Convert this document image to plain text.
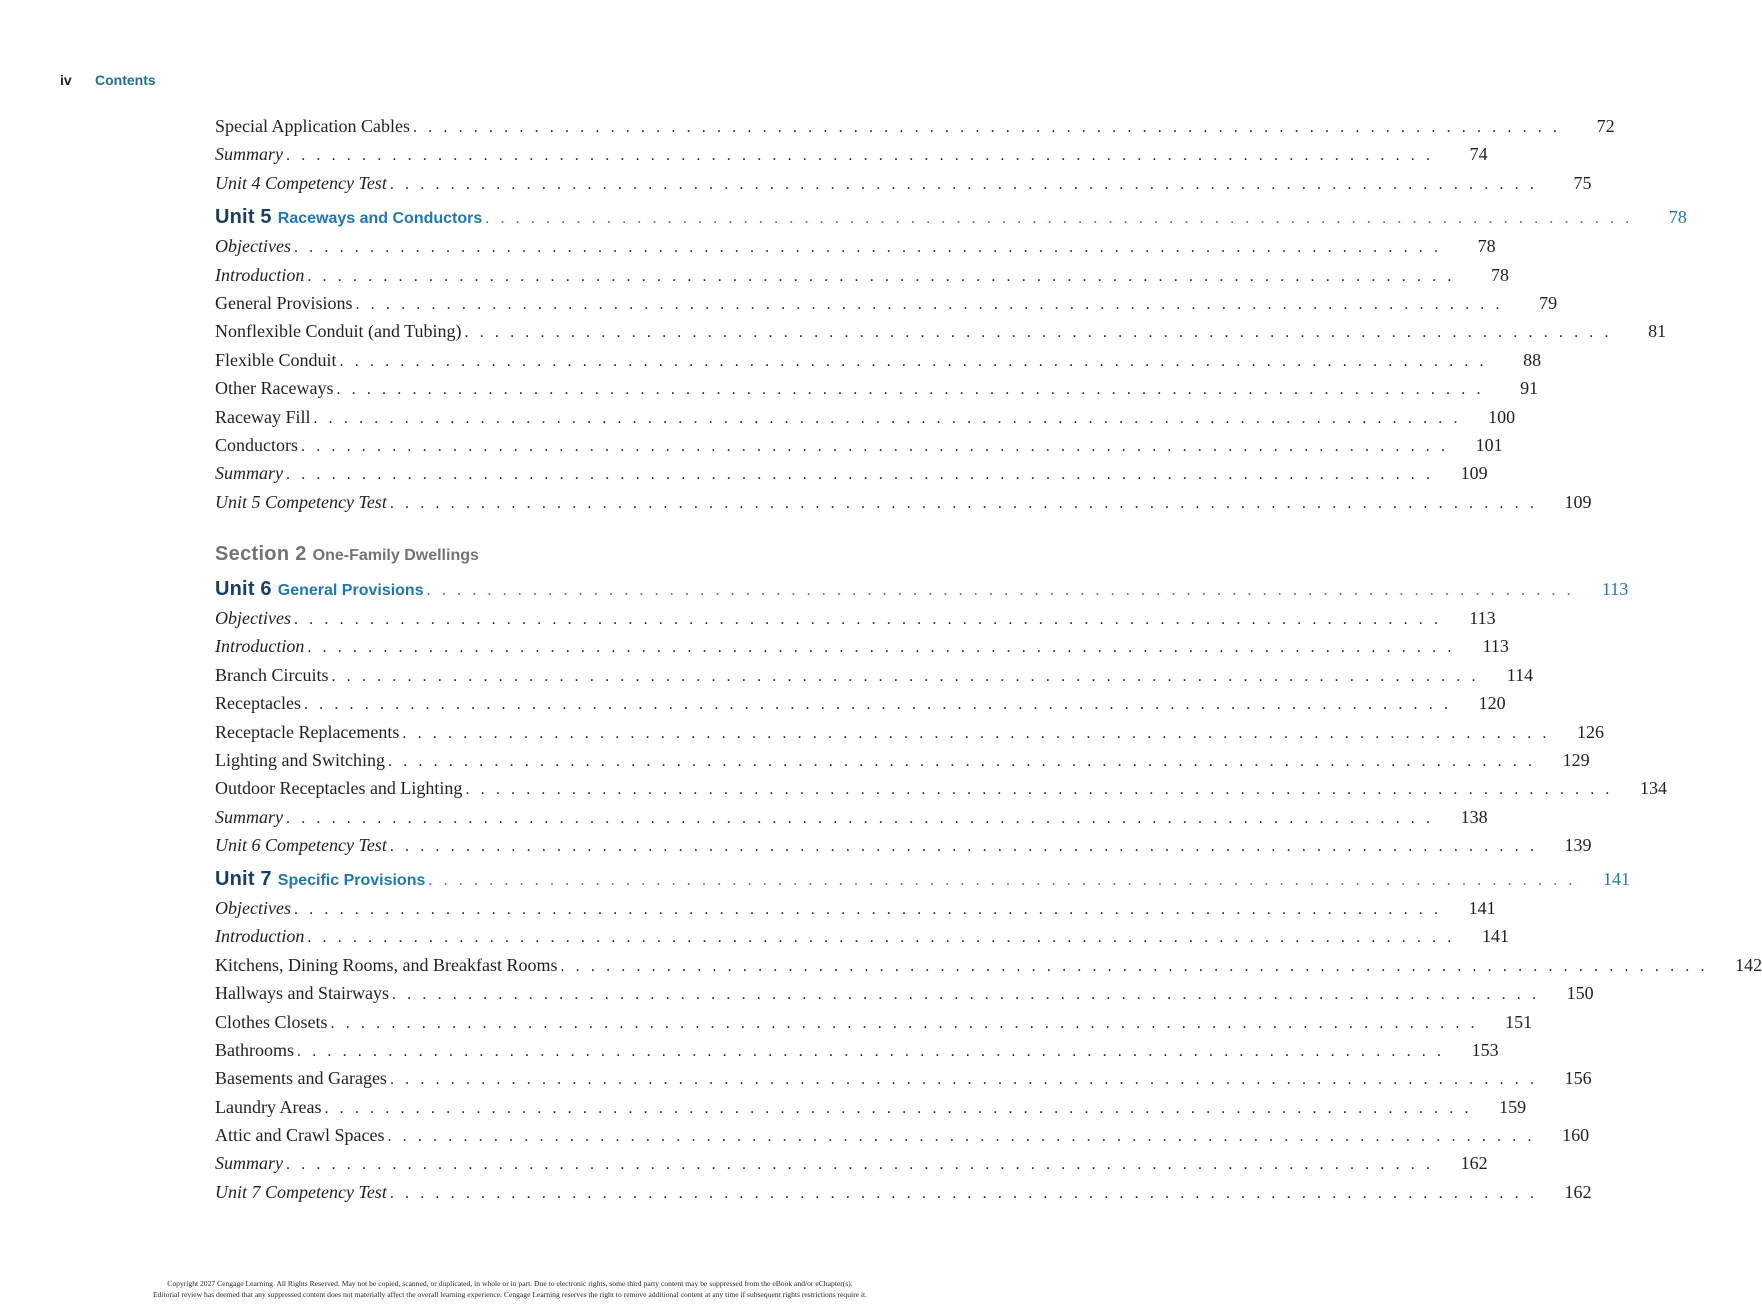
iv Contents
Special Application Cables . . . . . . . . . . . . . . . . . . . . . . . . . . . . . . . . . . . . . . . . . . . . . . . . . . . . . . . . . . . . . . . . . . . . . . . . . . . .	72
Summary . . . . . . . . . . . . . . . . . . . . . . . . . . . . . . . . . . . . . . . . . . . . . . . . . . . . . . . . . . . . . . . . . . . . . . . . . . . .	74
Unit 4 Competency Test . . . . . . . . . . . . . . . . . . . . . . . . . . . . . . . . . . . . . . . . . . . . . . . . . . . . . . . . . . . . . . . . . . . . . . . . . . . .	75
Unit 5 Raceways and Conductors . . . . . . . . . . . . . . . . . . . . . . . . . . . . . . . . . . . . . . . . . . . . . . . . . . . . . . . . . . . . . . . . . . . . . . . . . . . .	78
Objectives . . . . . . . . . . . . . . . . . . . . . . . . . . . . . . . . . . . . . . . . . . . . . . . . . . . . . . . . . . . . . . . . . . . . . . . . . . . .	78
Introduction . . . . . . . . . . . . . . . . . . . . . . . . . . . . . . . . . . . . . . . . . . . . . . . . . . . . . . . . . . . . . . . . . . . . . . . . . . . .	78
General Provisions . . . . . . . . . . . . . . . . . . . . . . . . . . . . . . . . . . . . . . . . . . . . . . . . . . . . . . . . . . . . . . . . . . . . . . . . . . . .	79
Nonflexible Conduit (and Tubing) . . . . . . . . . . . . . . . . . . . . . . . . . . . . . . . . . . . . . . . . . . . . . . . . . . . . . . . . . . . . . . . . . . . . . . . . . . . .	81
Flexible Conduit . . . . . . . . . . . . . . . . . . . . . . . . . . . . . . . . . . . . . . . . . . . . . . . . . . . . . . . . . . . . . . . . . . . . . . . . . . . .	88
Other Raceways . . . . . . . . . . . . . . . . . . . . . . . . . . . . . . . . . . . . . . . . . . . . . . . . . . . . . . . . . . . . . . . . . . . . . . . . . . . .	91
Raceway Fill . . . . . . . . . . . . . . . . . . . . . . . . . . . . . . . . . . . . . . . . . . . . . . . . . . . . . . . . . . . . . . . . . . . . . . . . . . . .	100
Conductors . . . . . . . . . . . . . . . . . . . . . . . . . . . . . . . . . . . . . . . . . . . . . . . . . . . . . . . . . . . . . . . . . . . . . . . . . . . .	101
Summary . . . . . . . . . . . . . . . . . . . . . . . . . . . . . . . . . . . . . . . . . . . . . . . . . . . . . . . . . . . . . . . . . . . . . . . . . . . .	109
Unit 5 Competency Test . . . . . . . . . . . . . . . . . . . . . . . . . . . . . . . . . . . . . . . . . . . . . . . . . . . . . . . . . . . . . . . . . . . . . . . . . . . .	109
Section 2 One-Family Dwellings
Unit 6 General Provisions . . . . . . . . . . . . . . . . . . . . . . . . . . . . . . . . . . . . . . . . . . . . . . . . . . . . . . . . . . . . . . . . . . . . . . . . . . . .	113
Objectives . . . . . . . . . . . . . . . . . . . . . . . . . . . . . . . . . . . . . . . . . . . . . . . . . . . . . . . . . . . . . . . . . . . . . . . . . . . .	113
Introduction . . . . . . . . . . . . . . . . . . . . . . . . . . . . . . . . . . . . . . . . . . . . . . . . . . . . . . . . . . . . . . . . . . . . . . . . . . . .	113
Branch Circuits . . . . . . . . . . . . . . . . . . . . . . . . . . . . . . . . . . . . . . . . . . . . . . . . . . . . . . . . . . . . . . . . . . . . . . . . . . . .	114
Receptacles . . . . . . . . . . . . . . . . . . . . . . . . . . . . . . . . . . . . . . . . . . . . . . . . . . . . . . . . . . . . . . . . . . . . . . . . . . . .	120
Receptacle Replacements . . . . . . . . . . . . . . . . . . . . . . . . . . . . . . . . . . . . . . . . . . . . . . . . . . . . . . . . . . . . . . . . . . . . . . . . . . . .	126
Lighting and Switching . . . . . . . . . . . . . . . . . . . . . . . . . . . . . . . . . . . . . . . . . . . . . . . . . . . . . . . . . . . . . . . . . . . . . . . . . . . .	129
Outdoor Receptacles and Lighting . . . . . . . . . . . . . . . . . . . . . . . . . . . . . . . . . . . . . . . . . . . . . . . . . . . . . . . . . . . . . . . . . . . . . . . . . . . .	134
Summary . . . . . . . . . . . . . . . . . . . . . . . . . . . . . . . . . . . . . . . . . . . . . . . . . . . . . . . . . . . . . . . . . . . . . . . . . . . .	138
Unit 6 Competency Test . . . . . . . . . . . . . . . . . . . . . . . . . . . . . . . . . . . . . . . . . . . . . . . . . . . . . . . . . . . . . . . . . . . . . . . . . . . .	139
Unit 7 Specific Provisions . . . . . . . . . . . . . . . . . . . . . . . . . . . . . . . . . . . . . . . . . . . . . . . . . . . . . . . . . . . . . . . . . . . . . . . . . . . .	141
Objectives . . . . . . . . . . . . . . . . . . . . . . . . . . . . . . . . . . . . . . . . . . . . . . . . . . . . . . . . . . . . . . . . . . . . . . . . . . . .	141
Introduction . . . . . . . . . . . . . . . . . . . . . . . . . . . . . . . . . . . . . . . . . . . . . . . . . . . . . . . . . . . . . . . . . . . . . . . . . . . .	141
Kitchens, Dining Rooms, and Breakfast Rooms . . . . . . . . . . . . . . . . . . . . . . . . . . . . . . . . . . . . . . . . . . . . . . . . . . . . . . . . . . . . . . . . . . . . . . . . . . . .	142
Hallways and Stairways . . . . . . . . . . . . . . . . . . . . . . . . . . . . . . . . . . . . . . . . . . . . . . . . . . . . . . . . . . . . . . . . . . . . . . . . . . . .	150
Clothes Closets . . . . . . . . . . . . . . . . . . . . . . . . . . . . . . . . . . . . . . . . . . . . . . . . . . . . . . . . . . . . . . . . . . . . . . . . . . . .	151
Bathrooms . . . . . . . . . . . . . . . . . . . . . . . . . . . . . . . . . . . . . . . . . . . . . . . . . . . . . . . . . . . . . . . . . . . . . . . . . . . .	153
Basements and Garages . . . . . . . . . . . . . . . . . . . . . . . . . . . . . . . . . . . . . . . . . . . . . . . . . . . . . . . . . . . . . . . . . . . . . . . . . . . .	156
Laundry Areas . . . . . . . . . . . . . . . . . . . . . . . . . . . . . . . . . . . . . . . . . . . . . . . . . . . . . . . . . . . . . . . . . . . . . . . . . . . .	159
Attic and Crawl Spaces . . . . . . . . . . . . . . . . . . . . . . . . . . . . . . . . . . . . . . . . . . . . . . . . . . . . . . . . . . . . . . . . . . . . . . . . . . . .	160
Summary . . . . . . . . . . . . . . . . . . . . . . . . . . . . . . . . . . . . . . . . . . . . . . . . . . . . . . . . . . . . . . . . . . . . . . . . . . . .	162
Unit 7 Competency Test . . . . . . . . . . . . . . . . . . . . . . . . . . . . . . . . . . . . . . . . . . . . . . . . . . . . . . . . . . . . . . . . . . . . . . . . . . . .	162
Copyright 2027 Cengage Learning. All Rights Reserved. May not be copied, scanned, or duplicated, in whole or in part. Due to electronic rights, some third party content may be suppressed from the eBook and/or eChapter(s).
Editorial review has deemed that any suppressed content does not materially affect the overall learning experience. Cengage Learning reserves the right to remove additional content at any time if subsequent rights restrictions require it.
